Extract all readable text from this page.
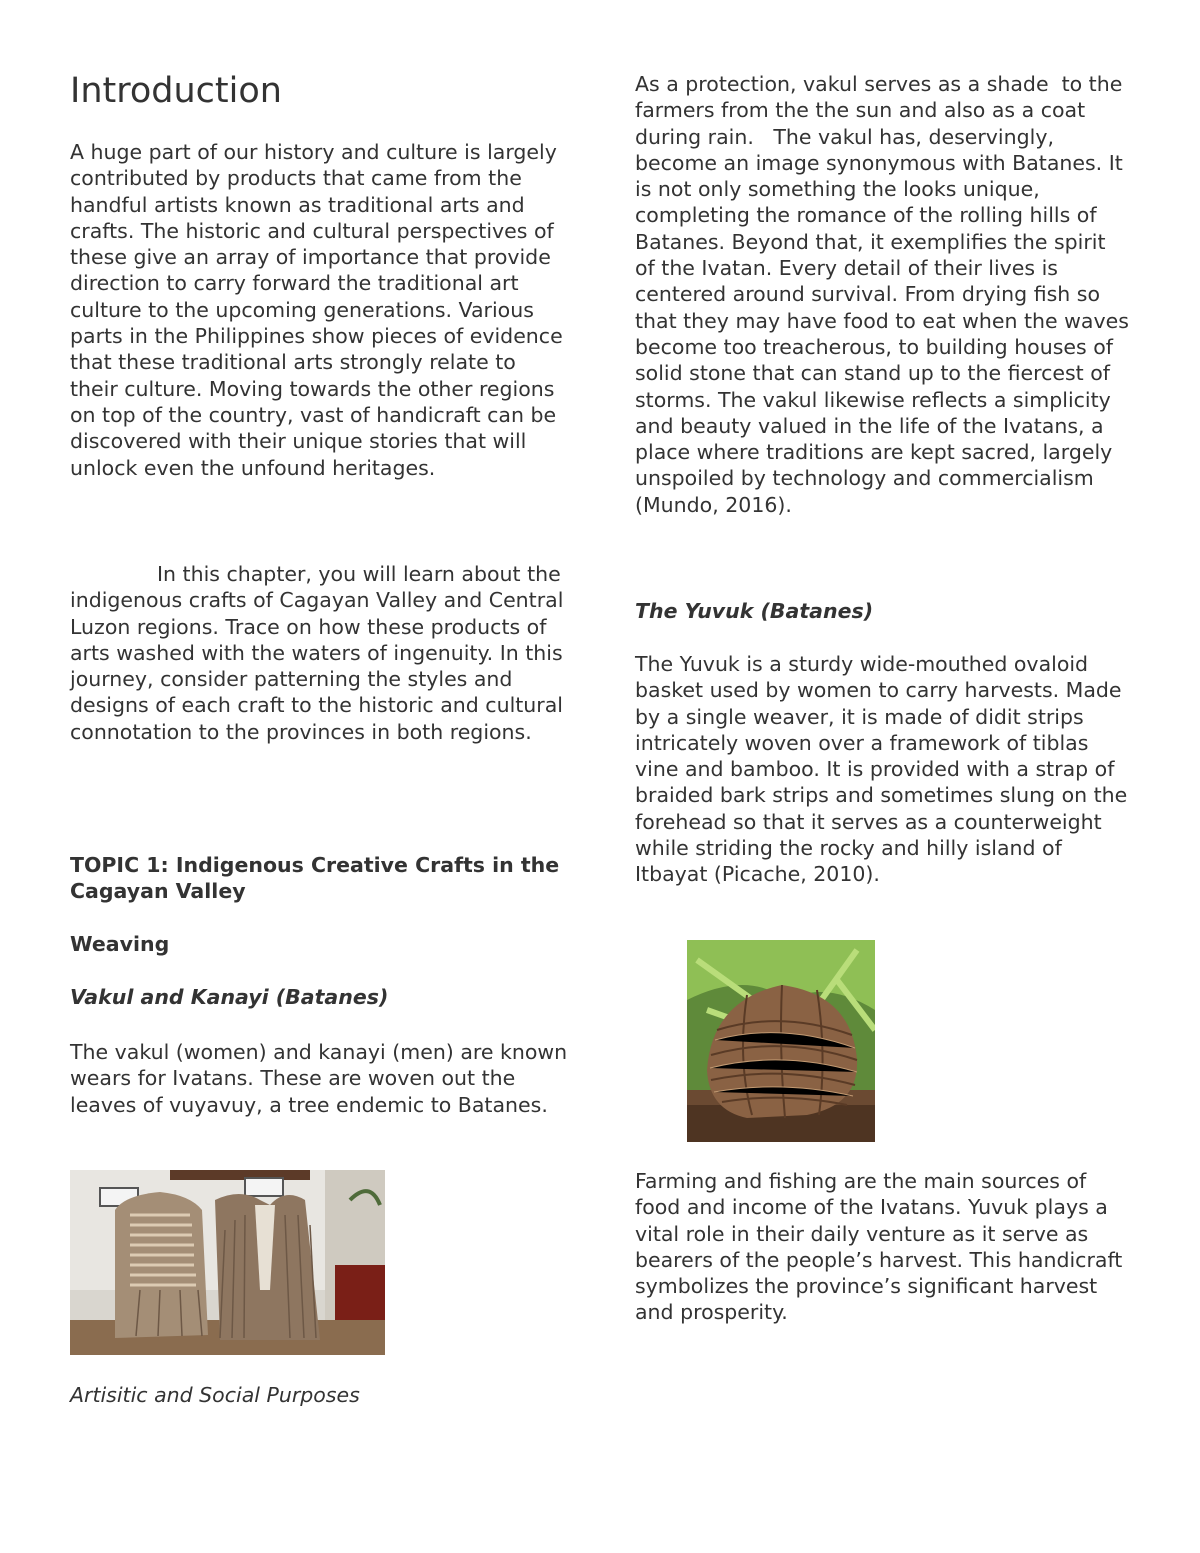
Introduction

A huge part of our history and culture is largely contributed by products that came from the handful artists known as traditional arts and crafts. The historic and cultural perspectives of these give an array of importance that provide direction to carry forward the traditional art culture to the upcoming generations. Various parts in the Philippines show pieces of evidence that these traditional arts strongly relate to their culture. Moving towards the other regions on top of the country, vast of handicraft can be discovered with their unique stories that will unlock even the unfound heritages.

In this chapter, you will learn about the indigenous crafts of Cagayan Valley and Central Luzon regions. Trace on how these products of arts washed with the waters of ingenuity. In this journey, consider patterning the styles and designs of each craft to the historic and cultural connotation to the provinces in both regions.

TOPIC 1: Indigenous Creative Crafts in the Cagayan Valley

Weaving

Vakul and Kanayi (Batanes)

The vakul (women) and kanayi (men) are known wears for Ivatans. These are woven out the leaves of vuyavuy, a tree endemic to Batanes.

Artisitic and Social Purposes

As a protection, vakul serves as a shade  to the farmers from the the sun and also as a coat during rain.   The vakul has, deservingly, become an image synonymous with Batanes. It is not only something the looks unique, completing the romance of the rolling hills of Batanes. Beyond that, it exemplifies the spirit of the Ivatan. Every detail of their lives is centered around survival. From drying fish so that they may have food to eat when the waves become too treacherous, to building houses of solid stone that can stand up to the fiercest of storms. The vakul likewise reflects a simplicity and beauty valued in the life of the Ivatans, a place where traditions are kept sacred, largely unspoiled by technology and commercialism (Mundo, 2016).

The Yuvuk (Batanes)

The Yuvuk is a sturdy wide-mouthed ovaloid basket used by women to carry harvests. Made by a single weaver, it is made of didit strips intricately woven over a framework of tiblas vine and bamboo. It is provided with a strap of braided bark strips and sometimes slung on the forehead so that it serves as a counterweight while striding the rocky and hilly island of Itbayat (Picache, 2010).

Farming and fishing are the main sources of food and income of the Ivatans. Yuvuk plays a vital role in their daily venture as it serve as bearers of the people’s harvest. This handicraft symbolizes the province’s significant harvest and prosperity.
